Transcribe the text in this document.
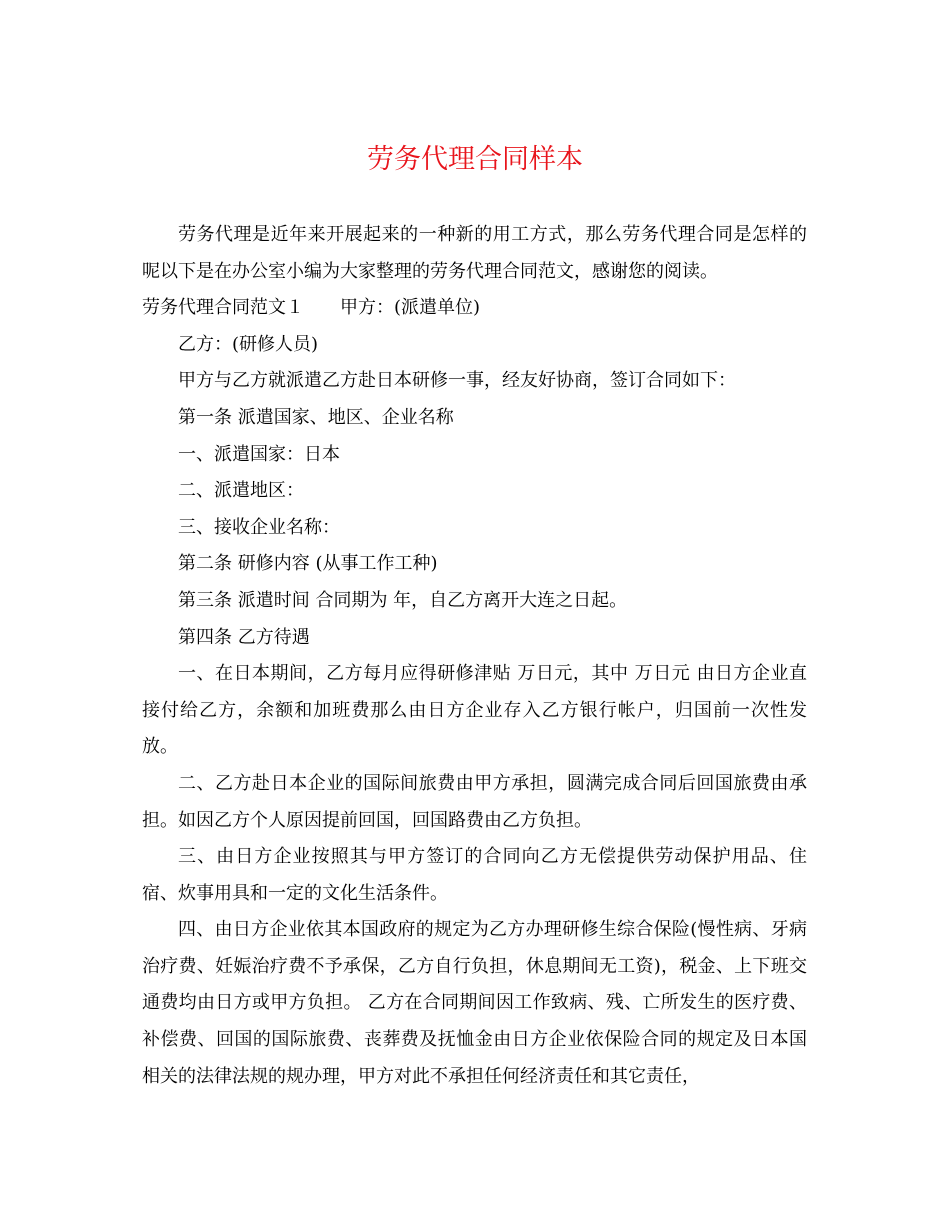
劳务代理合同样本

劳务代理是近年来开展起来的一种新的用工方式，那么劳务代理合同是怎样的呢以下是在办公室小编为大家整理的劳务代理合同范文，感谢您的阅读。

劳务代理合同范文１ 甲方：(派遣单位)

乙方：(研修人员)

甲方与乙方就派遣乙方赴日本研修一事，经友好协商，签订合同如下：

第一条 派遣国家、地区、企业名称

一、派遣国家：日本

二、派遣地区：

三、接收企业名称：

第二条 研修内容 (从事工作工种)

第三条 派遣时间 合同期为 年，自乙方离开大连之日起。

第四条 乙方待遇

一、在日本期间，乙方每月应得研修津贴 万日元，其中 万日元 由日方企业直接付给乙方，余额和加班费那么由日方企业存入乙方银行帐户，归国前一次性发放。

二、乙方赴日本企业的国际间旅费由甲方承担，圆满完成合同后回国旅费由承担。如因乙方个人原因提前回国，回国路费由乙方负担。

三、由日方企业按照其与甲方签订的合同向乙方无偿提供劳动保护用品、住宿、炊事用具和一定的文化生活条件。

四、由日方企业依其本国政府的规定为乙方办理研修生综合保险(慢性病、牙病治疗费、妊娠治疗费不予承保，乙方自行负担，休息期间无工资)，税金、上下班交通费均由日方或甲方负担。 乙方在合同期间因工作致病、残、亡所发生的医疗费、补偿费、回国的国际旅费、丧葬费及抚恤金由日方企业依保险合同的规定及日本国相关的法律法规的规办理，甲方对此不承担任何经济责任和其它责任，
